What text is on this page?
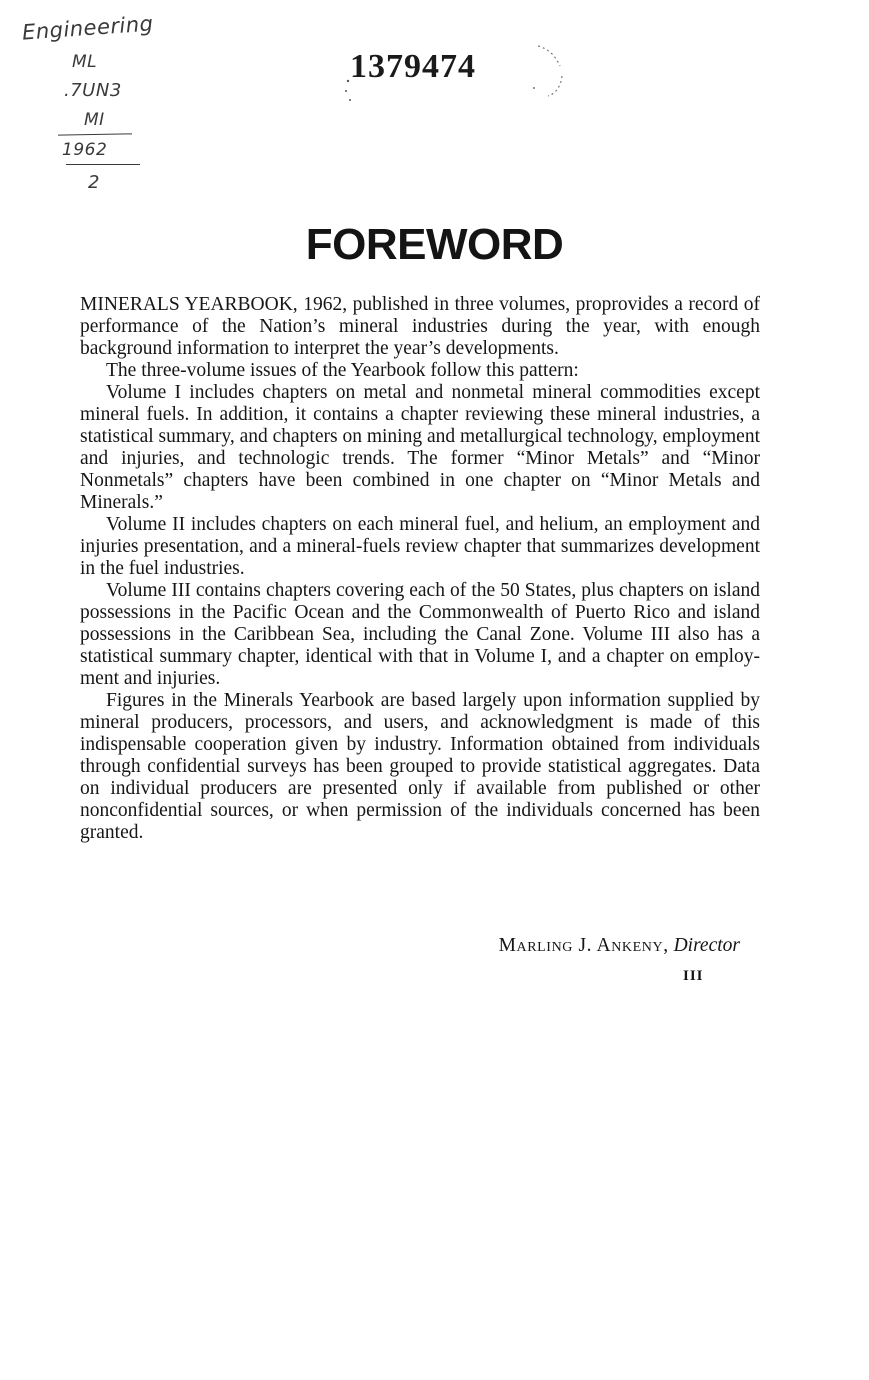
Engineering
ML
.7UN3
MI
1962
2
1379474
FOREWORD

MINERALS YEARBOOK, 1962, published in three volumes, proprovides a record of performance of the Nation’s mineral industries during the year, with enough background information to interpret the year’s developments.

The three-volume issues of the Yearbook follow this pattern:

Volume I includes chapters on metal and nonmetal mineral commodities except mineral fuels. In addition, it contains a chapter reviewing these mineral industries, a statistical summary, and chapters on mining and metallurgical technology, employment and injuries, and technologic trends. The former “Minor Metals” and “Minor Nonmetals” chapters have been combined in one chapter on “Minor Metals and Minerals.”

Volume II includes chapters on each mineral fuel, and helium, an employment and injuries presentation, and a mineral-fuels review chapter that summarizes development in the fuel industries.

Volume III contains chapters covering each of the 50 States, plus chapters on island possessions in the Pacific Ocean and the Commonwealth of Puerto Rico and island possessions in the Caribbean Sea, including the Canal Zone. Volume III also has a statistical summary chapter, identical with that in Volume I, and a chapter on employment and injuries.

Figures in the Minerals Yearbook are based largely upon information supplied by mineral producers, processors, and users, and acknowledgment is made of this indispensable cooperation given by industry. Information obtained from individuals through confidential surveys has been grouped to provide statistical aggregates. Data on individual producers are presented only if available from published or other nonconfidential sources, or when permission of the individuals concerned has been granted.

Marling J. Ankeny, Director
III
